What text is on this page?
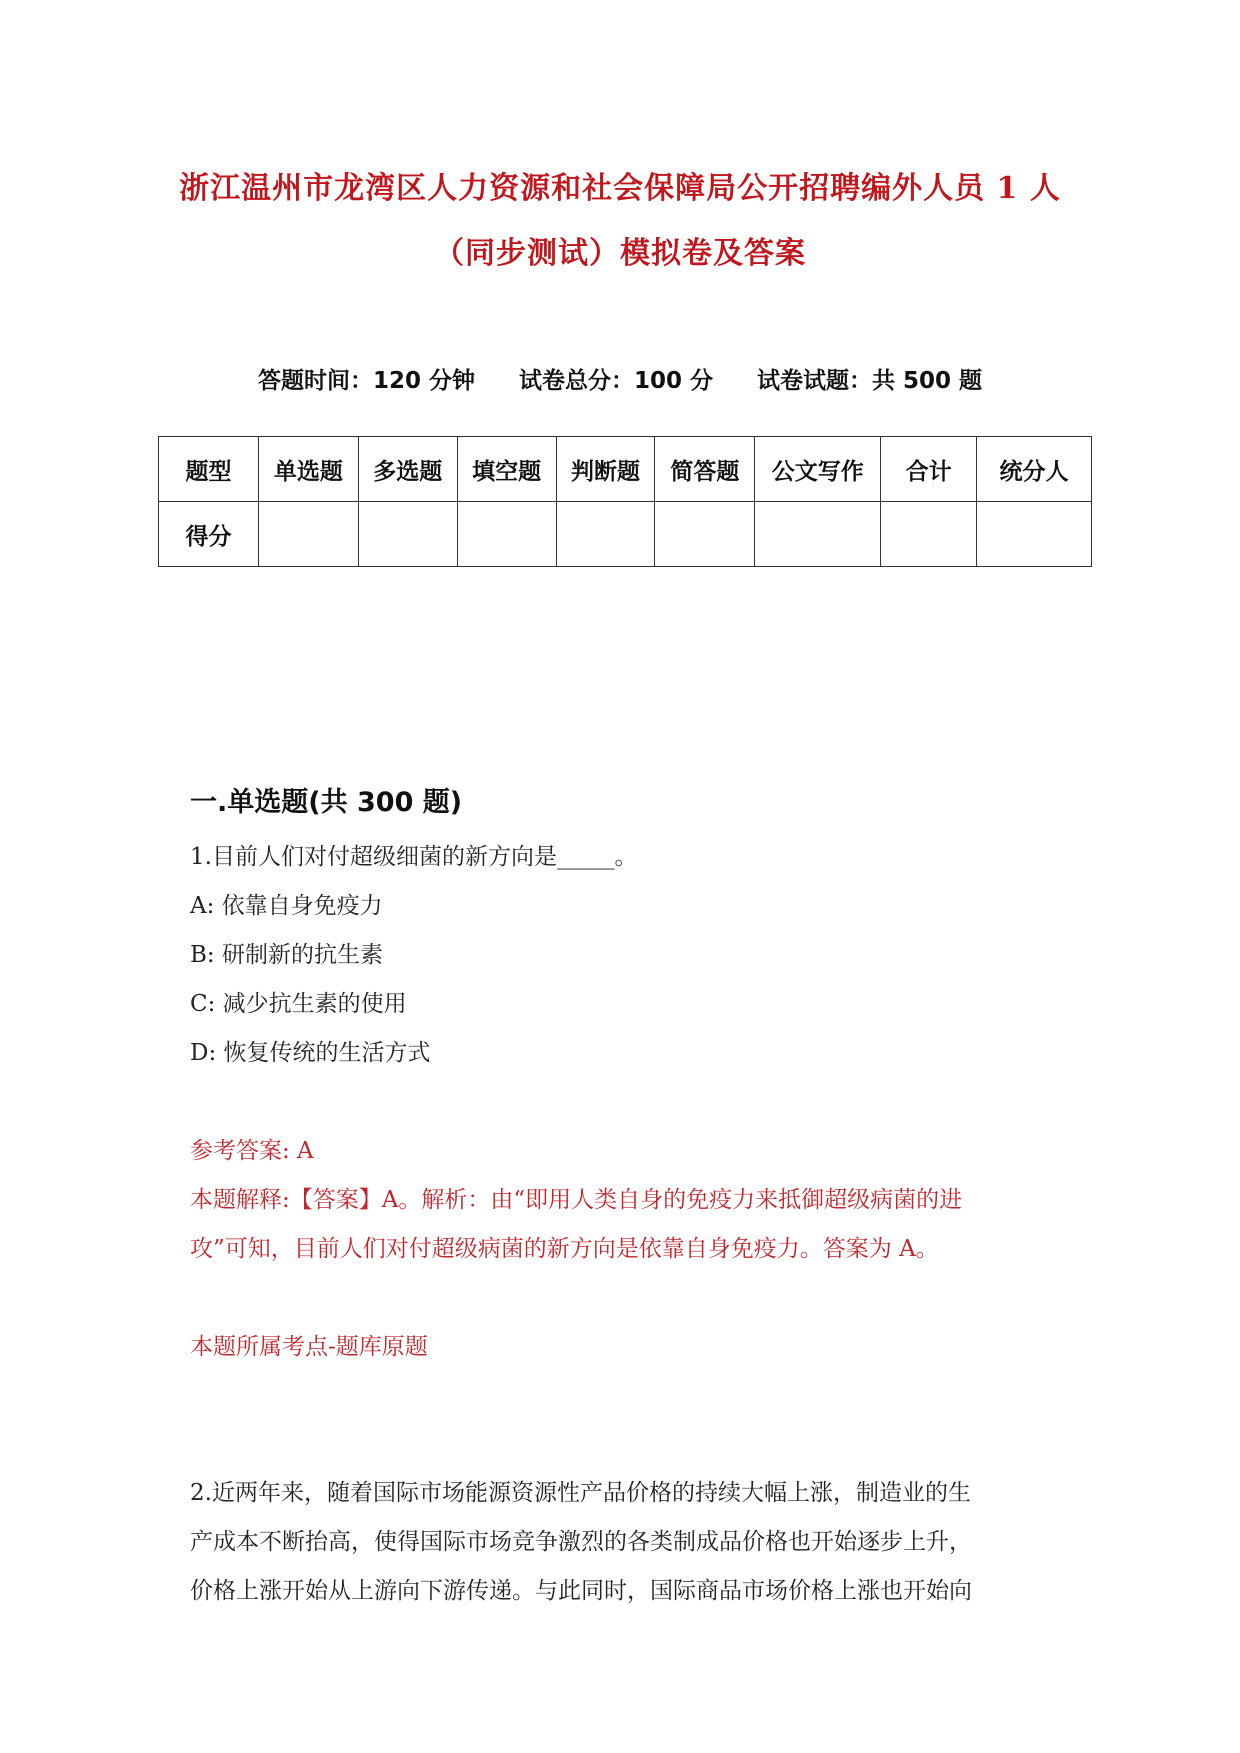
浙江温州市龙湾区人力资源和社会保障局公开招聘编外人员 1 人
（同步测试）模拟卷及答案
答题时间：120 分钟 试卷总分：100 分 试卷试题：共 500 题
题型	单选题	多选题	填空题	判断题	简答题	公文写作	合计	统分人
得分								
一.单选题(共 300 题)
1.目前人们对付超级细菌的新方向是_____。
A: 依靠自身免疫力
B: 研制新的抗生素
C: 减少抗生素的使用
D: 恢复传统的生活方式
参考答案: A
本题解释:【答案】A。解析：由“即用人类自身的免疫力来抵御超级病菌的进
攻”可知，目前人们对付超级病菌的新方向是依靠自身免疫力。答案为 A。
本题所属考点-题库原题
2.近两年来，随着国际市场能源资源性产品价格的持续大幅上涨，制造业的生
产成本不断抬高，使得国际市场竞争激烈的各类制成品价格也开始逐步上升，
价格上涨开始从上游向下游传递。与此同时，国际商品市场价格上涨也开始向
